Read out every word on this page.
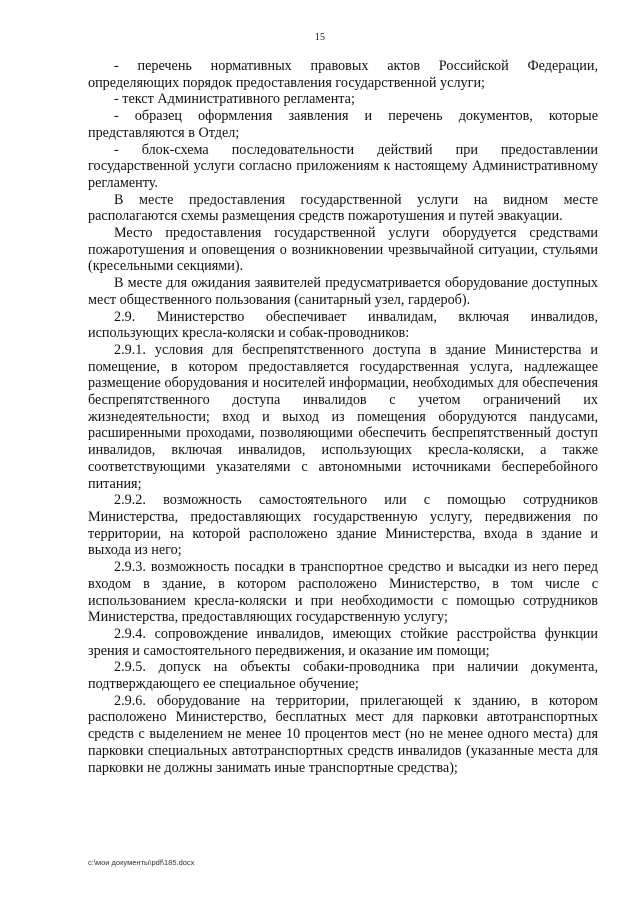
15

- перечень нормативных правовых актов Российской Федерации, определяющих порядок предоставления государственной услуги;

- текст Административного регламента;

- образец оформления заявления и перечень документов, которые представляются в Отдел;

- блок-схема последовательности действий при предоставлении государственной услуги согласно приложениям к настоящему Административному регламенту.

В месте предоставления государственной услуги на видном месте располагаются схемы размещения средств пожаротушения и путей эвакуации.

Место предоставления государственной услуги оборудуется средствами пожаротушения и оповещения о возникновении чрезвычайной ситуации, стульями (кресельными секциями).

В месте для ожидания заявителей предусматривается оборудование доступных мест общественного пользования (санитарный узел, гардероб).

2.9. Министерство обеспечивает инвалидам, включая инвалидов, использующих кресла-коляски и собак-проводников:

2.9.1. условия для беспрепятственного доступа в здание Министерства и помещение, в котором предоставляется государственная услуга, надлежащее размещение оборудования и носителей информации, необходимых для обеспечения беспрепятственного доступа инвалидов с учетом ограничений их жизнедеятельности; вход и выход из помещения оборудуются пандусами, расширенными проходами, позволяющими обеспечить беспрепятственный доступ инвалидов, включая инвалидов, использующих кресла-коляски, а также соответствующими указателями с автономными источниками бесперебойного питания;

2.9.2. возможность самостоятельного или с помощью сотрудников Министерства, предоставляющих государственную услугу, передвижения по территории, на которой расположено здание Министерства, входа в здание и выхода из него;

2.9.3. возможность посадки в транспортное средство и высадки из него перед входом в здание, в котором расположено Министерство, в том числе с использованием кресла-коляски и при необходимости с помощью сотрудников Министерства, предоставляющих государственную услугу;

2.9.4. сопровождение инвалидов, имеющих стойкие расстройства функции зрения и самостоятельного передвижения, и оказание им помощи;

2.9.5. допуск на объекты собаки-проводника при наличии документа, подтверждающего ее специальное обучение;

2.9.6. оборудование на территории, прилегающей к зданию, в котором расположено Министерство, бесплатных мест для парковки автотранспортных средств с выделением не менее 10 процентов мест (но не менее одного места) для парковки специальных автотранспортных средств инвалидов (указанные места для парковки не должны занимать иные транспортные средства);

c:\мои документы\pdf\185.docx
